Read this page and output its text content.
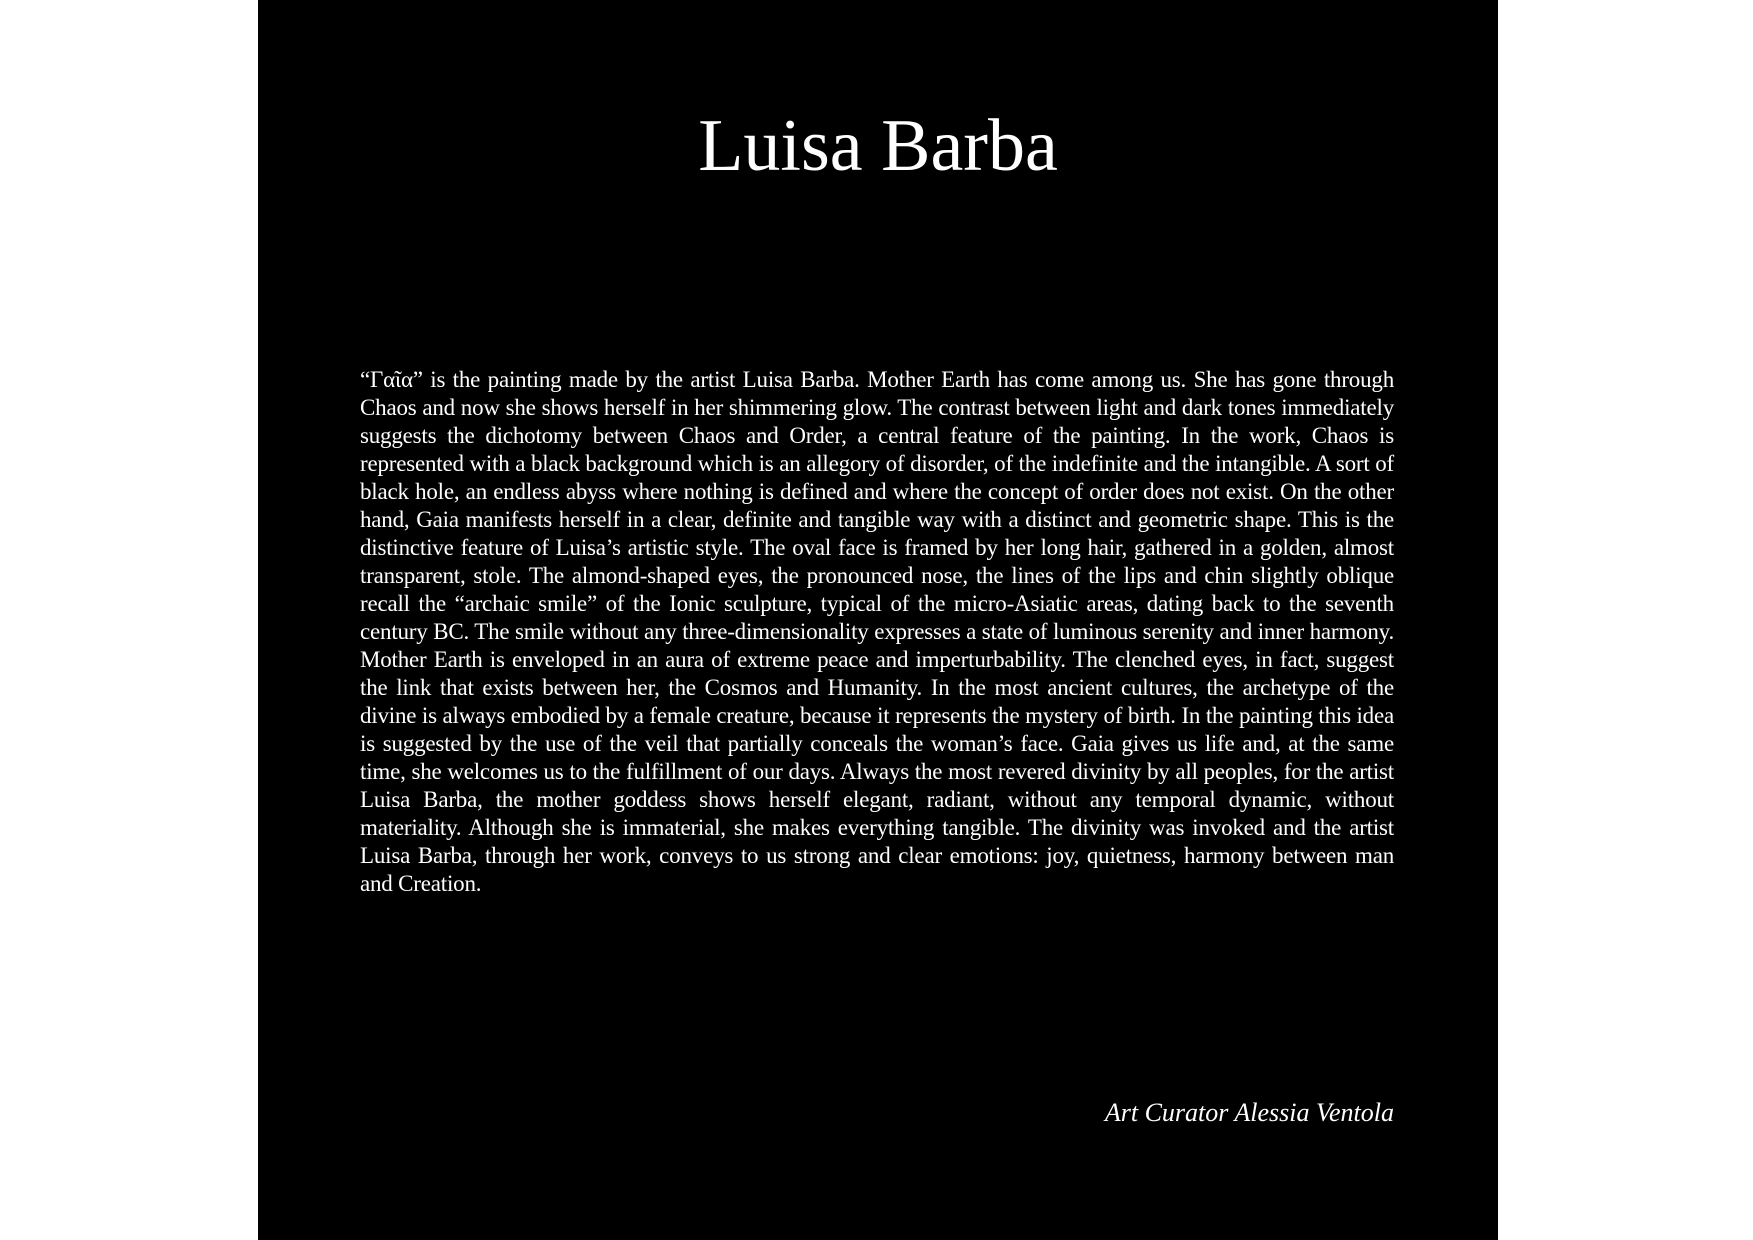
Luisa Barba

“Γαῖα” is the painting made by the artist Luisa Barba. Mother Earth has come among us. She has gone through Chaos and now she shows herself in her shimmering glow. The contrast between light and dark tones immediately suggests the dichotomy between Chaos and Order, a central feature of the painting. In the work, Chaos is represented with a black background which is an allegory of disorder, of the indefinite and the intangible. A sort of black hole, an endless abyss where nothing is defined and where the concept of order does not exist. On the other hand, Gaia manifests herself in a clear, definite and tangible way with a distinct and geometric shape. This is the distinctive feature of Luisa’s artistic style. The oval face is framed by her long hair, gathered in a golden, almost transparent, stole. The almond-shaped eyes, the pronounced nose, the lines of the lips and chin slightly oblique recall the “archaic smile” of the Ionic sculpture, typical of the micro-Asiatic areas, dating back to the seventh century BC. The smile without any three-dimensionality expresses a state of luminous serenity and inner harmony. Mother Earth is enveloped in an aura of extreme peace and imperturbability. The clenched eyes, in fact, suggest the link that exists between her, the Cosmos and Humanity. In the most ancient cultures, the archetype of the divine is always embodied by a female creature, because it represents the mystery of birth. In the painting this idea is suggested by the use of the veil that partially conceals the woman’s face. Gaia gives us life and, at the same time, she welcomes us to the fulfillment of our days. Always the most revered divinity by all peoples, for the artist Luisa Barba, the mother goddess shows herself elegant, radiant, without any temporal dynamic, without materiality. Although she is immaterial, she makes everything tangible. The divinity was invoked and the artist Luisa Barba, through her work, conveys to us strong and clear emotions: joy, quietness, harmony between man and Creation.

Art Curator Alessia Ventola
